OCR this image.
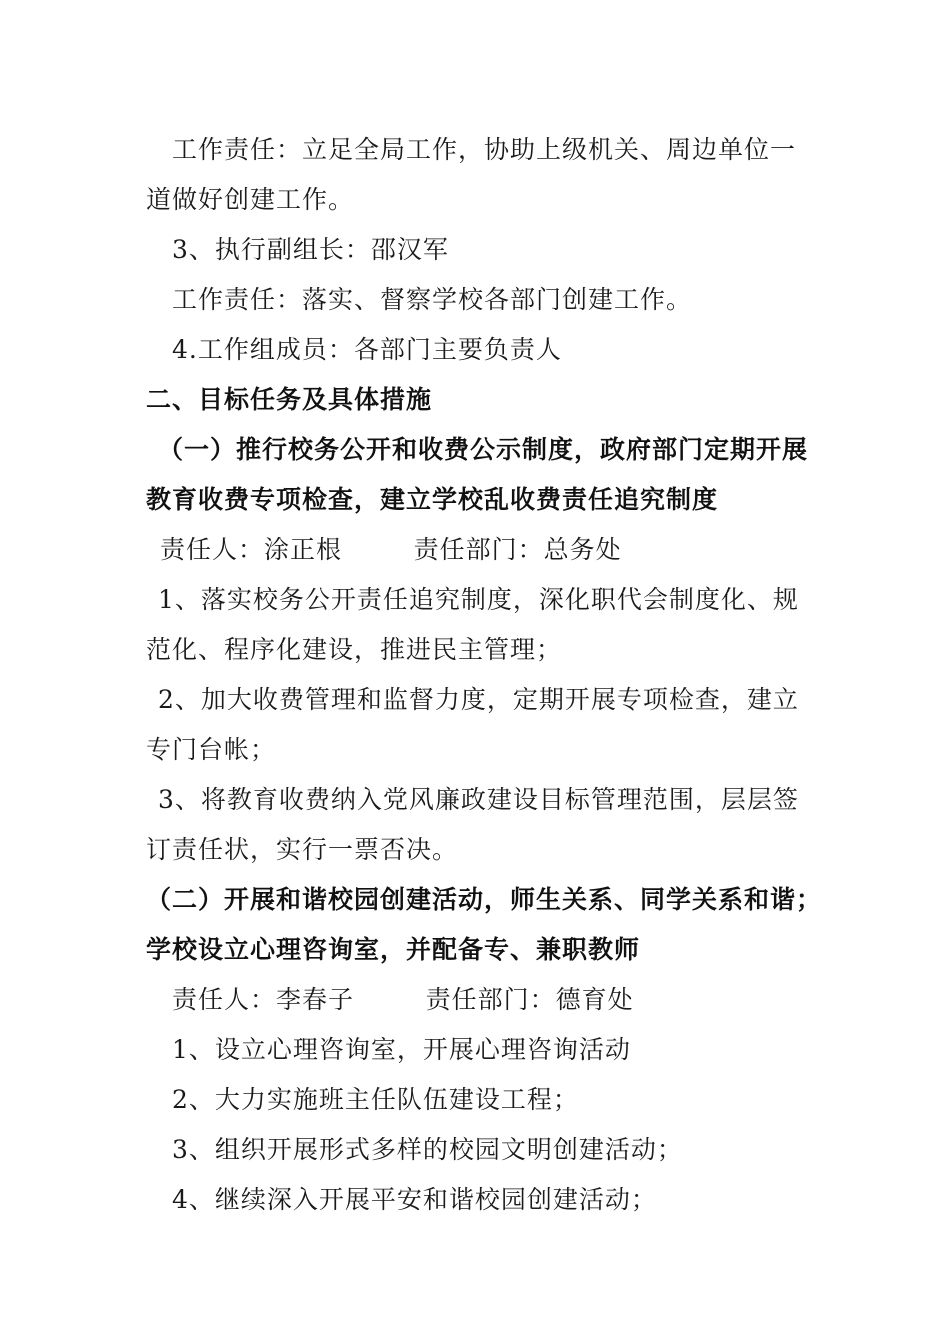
工作责任：立足全局工作，协助上级机关、周边单位一
道做好创建工作。
3、执行副组长：邵汉军
工作责任：落实、督察学校各部门创建工作。
4.工作组成员：各部门主要负责人
二、目标任务及具体措施
（一）推行校务公开和收费公示制度，政府部门定期开展
教育收费专项检查，建立学校乱收费责任追究制度
责任人：涂正根        责任部门：总务处
1、落实校务公开责任追究制度，深化职代会制度化、规
范化、程序化建设，推进民主管理；
2、加大收费管理和监督力度，定期开展专项检查，建立
专门台帐；
3、将教育收费纳入党风廉政建设目标管理范围，层层签
订责任状，实行一票否决。
（二）开展和谐校园创建活动，师生关系、同学关系和谐；
学校设立心理咨询室，并配备专、兼职教师
责任人：李春子        责任部门：德育处
1、设立心理咨询室，开展心理咨询活动
2、大力实施班主任队伍建设工程；
3、组织开展形式多样的校园文明创建活动；
4、继续深入开展平安和谐校园创建活动；
